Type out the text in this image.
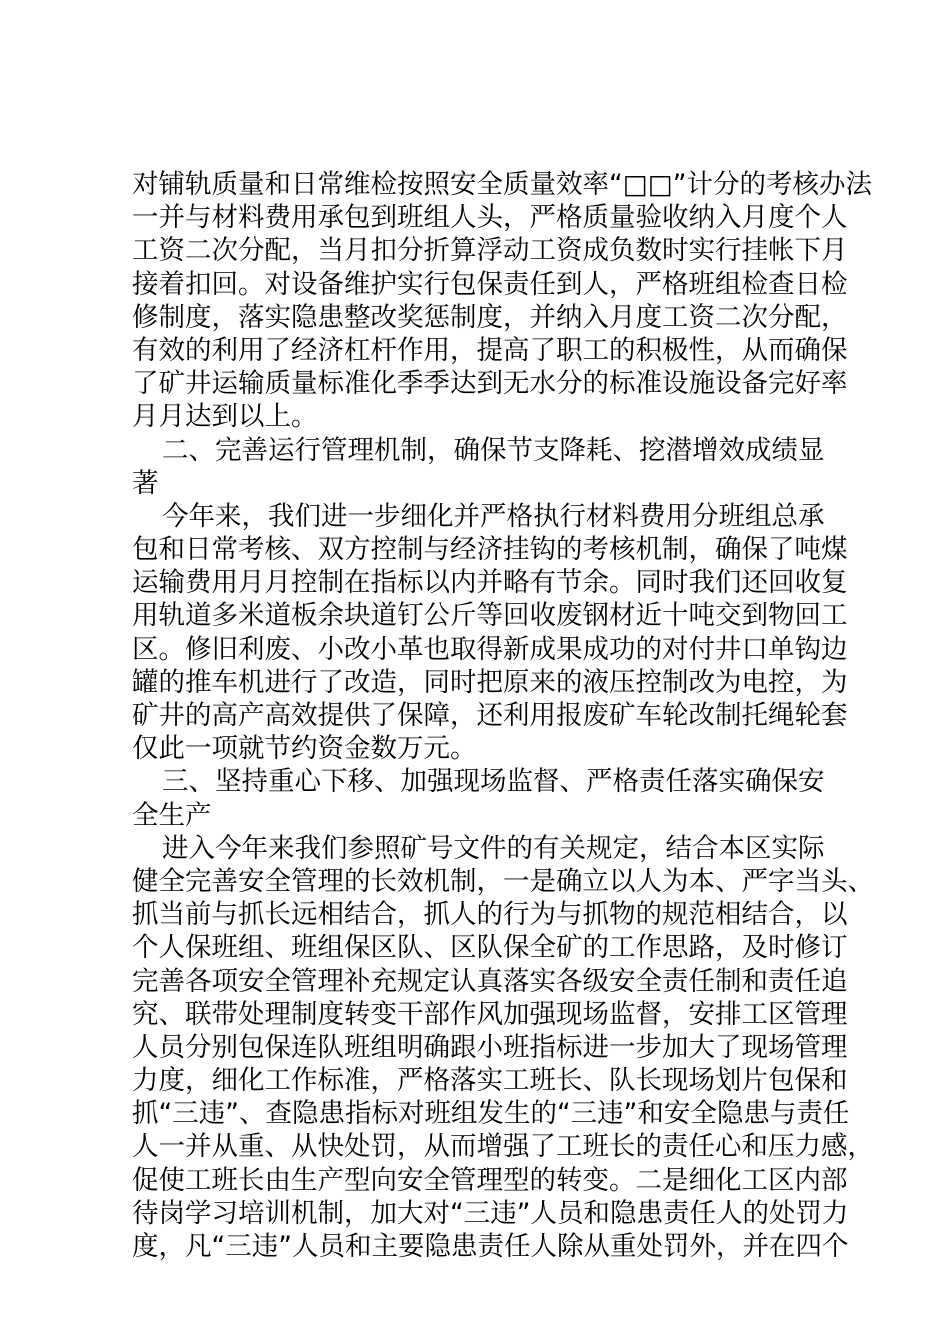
对铺轨质量和日常维检按照安全质量效率“□□”计分的考核办法
一并与材料费用承包到班组人头，严格质量验收纳入月度个人
工资二次分配，当月扣分折算浮动工资成负数时实行挂帐下月
接着扣回。对设备维护实行包保责任到人，严格班组检查日检
修制度，落实隐患整改奖惩制度，并纳入月度工资二次分配，
有效的利用了经济杠杆作用，提高了职工的积极性，从而确保
了矿井运输质量标准化季季达到无水分的标准设施设备完好率
月月达到以上。
二、完善运行管理机制，确保节支降耗、挖潜增效成绩显
著
今年来，我们进一步细化并严格执行材料费用分班组总承
包和日常考核、双方控制与经济挂钩的考核机制，确保了吨煤
运输费用月月控制在指标以内并略有节余。同时我们还回收复
用轨道多米道板余块道钉公斤等回收废钢材近十吨交到物回工
区。修旧利废、小改小革也取得新成果成功的对付井口单钩边
罐的推车机进行了改造，同时把原来的液压控制改为电控，为
矿井的高产高效提供了保障，还利用报废矿车轮改制托绳轮套
仅此一项就节约资金数万元。
三、坚持重心下移、加强现场监督、严格责任落实确保安
全生产
进入今年来我们参照矿号文件的有关规定，结合本区实际
健全完善安全管理的长效机制，一是确立以人为本、严字当头、
抓当前与抓长远相结合，抓人的行为与抓物的规范相结合，以
个人保班组、班组保区队、区队保全矿的工作思路，及时修订
完善各项安全管理补充规定认真落实各级安全责任制和责任追
究、联带处理制度转变干部作风加强现场监督，安排工区管理
人员分别包保连队班组明确跟小班指标进一步加大了现场管理
力度，细化工作标准，严格落实工班长、队长现场划片包保和
抓“三违”、查隐患指标对班组发生的“三违”和安全隐患与责任
人一并从重、从快处罚，从而增强了工班长的责任心和压力感，
促使工班长由生产型向安全管理型的转变。二是细化工区内部
待岗学习培训机制，加大对“三违”人员和隐患责任人的处罚力
度，凡“三违”人员和主要隐患责任人除从重处罚外，并在四个
